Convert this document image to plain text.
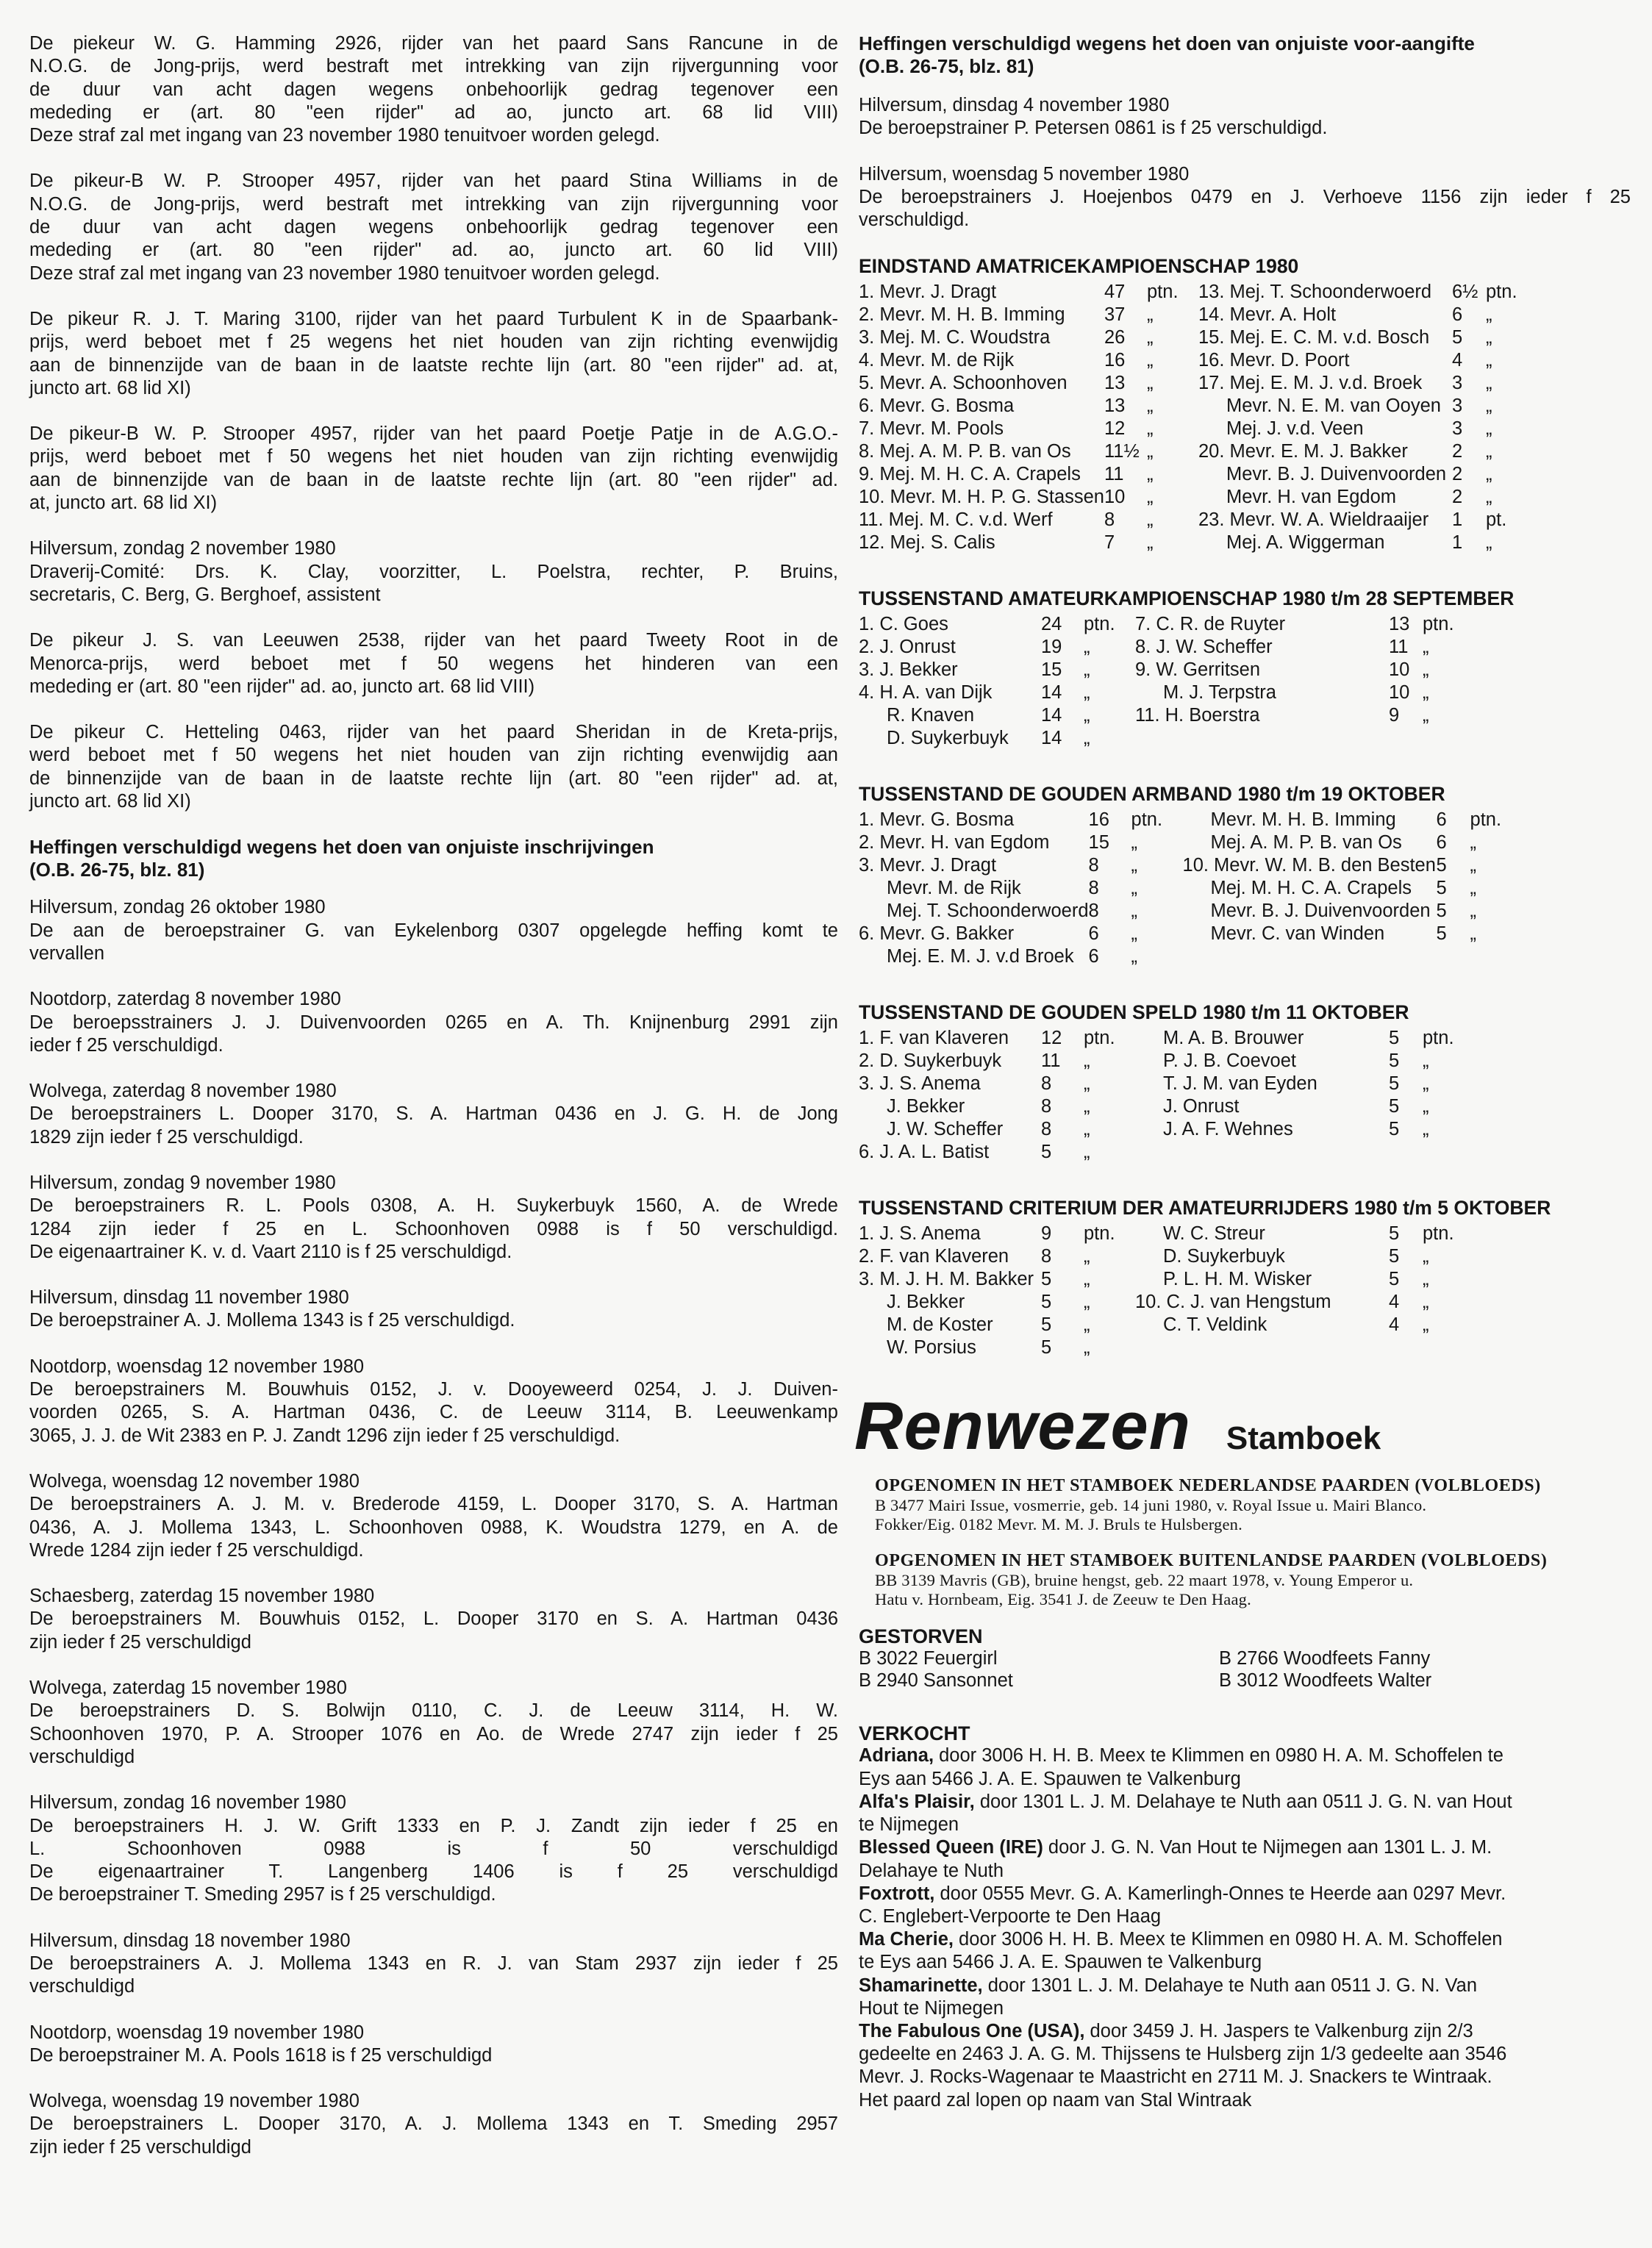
De piekeur W. G. Hamming 2926, rijder van het paard Sans Rancune in de
N.O.G. de Jong-prijs, werd bestraft met intrekking van zijn rijvergunning voor
de duur van acht dagen wegens onbehoorlijk gedrag tegenover een
mededing er (art. 80 "een rijder" ad ao, juncto art. 68 lid VIII)
Deze straf zal met ingang van 23 november 1980 tenuitvoer worden gelegd.
De pikeur-B W. P. Strooper 4957, rijder van het paard Stina Williams in de
N.O.G. de Jong-prijs, werd bestraft met intrekking van zijn rijvergunning voor
de duur van acht dagen wegens onbehoorlijk gedrag tegenover een
mededing er (art. 80 "een rijder" ad. ao, juncto art. 60 lid VIII)
Deze straf zal met ingang van 23 november 1980 tenuitvoer worden gelegd.
De pikeur R. J. T. Maring 3100, rijder van het paard Turbulent K in de Spaarbank-
prijs, werd beboet met f 25 wegens het niet houden van zijn richting evenwijdig
aan de binnenzijde van de baan in de laatste rechte lijn (art. 80 "een rijder" ad. at,
juncto art. 68 lid XI)
De pikeur-B W. P. Strooper 4957, rijder van het paard Poetje Patje in de A.G.O.-
prijs, werd beboet met f 50 wegens het niet houden van zijn richting evenwijdig
aan de binnenzijde van de baan in de laatste rechte lijn (art. 80 "een rijder" ad.
at, juncto art. 68 lid XI)
Hilversum, zondag 2 november 1980
Draverij-Comité: Drs. K. Clay, voorzitter, L. Poelstra, rechter, P. Bruins,
secretaris, C. Berg, G. Berghoef, assistent
De pikeur J. S. van Leeuwen 2538, rijder van het paard Tweety Root in de
Menorca-prijs, werd beboet met f 50 wegens het hinderen van een
mededing er (art. 80 "een rijder" ad. ao, juncto art. 68 lid VIII)
De pikeur C. Hetteling 0463, rijder van het paard Sheridan in de Kreta-prijs,
werd beboet met f 50 wegens het niet houden van zijn richting evenwijdig aan
de binnenzijde van de baan in de laatste rechte lijn (art. 80 "een rijder" ad. at,
juncto art. 68 lid XI)
Heffingen verschuldigd wegens het doen van onjuiste inschrijvingen
(O.B. 26-75, blz. 81)
Hilversum, zondag 26 oktober 1980
De aan de beroepstrainer G. van Eykelenborg 0307 opgelegde heffing komt te
vervallen
Nootdorp, zaterdag 8 november 1980
De beroepsstrainers J. J. Duivenvoorden 0265 en A. Th. Knijnenburg 2991 zijn
ieder f 25 verschuldigd.
Wolvega, zaterdag 8 november 1980
De beroepstrainers L. Dooper 3170, S. A. Hartman 0436 en J. G. H. de Jong
1829 zijn ieder f 25 verschuldigd.
Hilversum, zondag 9 november 1980
De beroepstrainers R. L. Pools 0308, A. H. Suykerbuyk 1560, A. de Wrede
1284 zijn ieder f 25 en L. Schoonhoven 0988 is f 50 verschuldigd.
De eigenaartrainer K. v. d. Vaart 2110 is f 25 verschuldigd.
Hilversum, dinsdag 11 november 1980
De beroepstrainer A. J. Mollema 1343 is f 25 verschuldigd.
Nootdorp, woensdag 12 november 1980
De beroepstrainers M. Bouwhuis 0152, J. v. Dooyeweerd 0254, J. J. Duiven-
voorden 0265, S. A. Hartman 0436, C. de Leeuw 3114, B. Leeuwenkamp
3065, J. J. de Wit 2383 en P. J. Zandt 1296 zijn ieder f 25 verschuldigd.
Wolvega, woensdag 12 november 1980
De beroepstrainers A. J. M. v. Brederode 4159, L. Dooper 3170, S. A. Hartman
0436, A. J. Mollema 1343, L. Schoonhoven 0988, K. Woudstra 1279, en A. de
Wrede 1284 zijn ieder f 25 verschuldigd.
Schaesberg, zaterdag 15 november 1980
De beroepstrainers M. Bouwhuis 0152, L. Dooper 3170 en S. A. Hartman 0436
zijn ieder f 25 verschuldigd
Wolvega, zaterdag 15 november 1980
De beroepstrainers D. S. Bolwijn 0110, C. J. de Leeuw 3114, H. W.
Schoonhoven 1970, P. A. Strooper 1076 en Ao. de Wrede 2747 zijn ieder f 25
verschuldigd
Hilversum, zondag 16 november 1980
De beroepstrainers H. J. W. Grift 1333 en P. J. Zandt zijn ieder f 25 en
L. Schoonhoven 0988 is f 50 verschuldigd
De eigenaartrainer T. Langenberg 1406 is f 25 verschuldigd
De beroepstrainer T. Smeding 2957 is f 25 verschuldigd.
Hilversum, dinsdag 18 november 1980
De beroepstrainers A. J. Mollema 1343 en R. J. van Stam 2937 zijn ieder f 25
verschuldigd
Nootdorp, woensdag 19 november 1980
De beroepstrainer M. A. Pools 1618 is f 25 verschuldigd
Wolvega, woensdag 19 november 1980
De beroepstrainers L. Dooper 3170, A. J. Mollema 1343 en T. Smeding 2957
zijn ieder f 25 verschuldigd
Heffingen verschuldigd wegens het doen van onjuiste voor-aangifte
(O.B. 26-75, blz. 81)
Hilversum, dinsdag 4 november 1980
De beroepstrainer P. Petersen 0861 is f 25 verschuldigd.
Hilversum, woensdag 5 november 1980
De beroepstrainers J. Hoejenbos 0479 en J. Verhoeve 1156 zijn ieder f 25
verschuldigd.
EINDSTAND AMATRICEKAMPIOENSCHAP 1980
1. Mevr. J. Dragt	47	ptn.	13. Mej. T. Schoonderwoerd	6½	ptn.
2. Mevr. M. H. B. Imming	37	„	14. Mevr. A. Holt	6	„
3. Mej. M. C. Woudstra	26	„	15. Mej. E. C. M. v.d. Bosch	5	„
4. Mevr. M. de Rijk	16	„	16. Mevr. D. Poort	4	„
5. Mevr. A. Schoonhoven	13	„	17. Mej. E. M. J. v.d. Broek	3	„
6. Mevr. G. Bosma	13	„	Mevr. N. E. M. van Ooyen	3	„
7. Mevr. M. Pools	12	„	Mej. J. v.d. Veen	3	„
8. Mej. A. M. P. B. van Os	11½	„	20. Mevr. E. M. J. Bakker	2	„
9. Mej. M. H. C. A. Crapels	11	„	Mevr. B. J. Duivenvoorden	2	„
10. Mevr. M. H. P. G. Stassen	10	„	Mevr. H. van Egdom	2	„
11. Mej. M. C. v.d. Werf	8	„	23. Mevr. W. A. Wieldraaijer	1	pt.
12. Mej. S. Calis	7	„	Mej. A. Wiggerman	1	„
TUSSENSTAND AMATEURKAMPIOENSCHAP 1980 t/m 28 SEPTEMBER
1. C. Goes	24	ptn.	7. C. R. de Ruyter	13	ptn.
2. J. Onrust	19	„	8. J. W. Scheffer	11	„
3. J. Bekker	15	„	9. W. Gerritsen	10	„
4. H. A. van Dijk	14	„	M. J. Terpstra	10	„
R. Knaven	14	„	11. H. Boerstra	9	„
D. Suykerbuyk	14	„			
TUSSENSTAND DE GOUDEN ARMBAND 1980 t/m 19 OKTOBER
1. Mevr. G. Bosma	16	ptn.	Mevr. M. H. B. Imming	6	ptn.
2. Mevr. H. van Egdom	15	„	Mej. A. M. P. B. van Os	6	„
3. Mevr. J. Dragt	8	„	10. Mevr. W. M. B. den Besten	5	„
Mevr. M. de Rijk	8	„	Mej. M. H. C. A. Crapels	5	„
Mej. T. Schoonderwoerd	8	„	Mevr. B. J. Duivenvoorden	5	„
6. Mevr. G. Bakker	6	„	Mevr. C. van Winden	5	„
Mej. E. M. J. v.d Broek	6	„			
TUSSENSTAND DE GOUDEN SPELD 1980 t/m 11 OKTOBER
1. F. van Klaveren	12	ptn.	M. A. B. Brouwer	5	ptn.
2. D. Suykerbuyk	11	„	P. J. B. Coevoet	5	„
3. J. S. Anema	8	„	T. J. M. van Eyden	5	„
J. Bekker	8	„	J. Onrust	5	„
J. W. Scheffer	8	„	J. A. F. Wehnes	5	„
6. J. A. L. Batist	5	„			
TUSSENSTAND CRITERIUM DER AMATEURRIJDERS 1980 t/m 5 OKTOBER
1. J. S. Anema	9	ptn.	W. C. Streur	5	ptn.
2. F. van Klaveren	8	„	D. Suykerbuyk	5	„
3. M. J. H. M. Bakker	5	„	P. L. H. M. Wisker	5	„
J. Bekker	5	„	10. C. J. van Hengstum	4	„
M. de Koster	5	„	C. T. Veldink	4	„
W. Porsius	5	„			
Renwezen Stamboek
OPGENOMEN IN HET STAMBOEK NEDERLANDSE PAARDEN (VOLBLOEDS)
B 3477 Mairi Issue, vosmerrie, geb. 14 juni 1980, v. Royal Issue u. Mairi Blanco.
Fokker/Eig. 0182 Mevr. M. M. J. Bruls te Hulsbergen.
OPGENOMEN IN HET STAMBOEK BUITENLANDSE PAARDEN (VOLBLOEDS)
BB 3139 Mavris (GB), bruine hengst, geb. 22 maart 1978, v. Young Emperor u.
Hatu v. Hornbeam, Eig. 3541 J. de Zeeuw te Den Haag.
GESTORVEN
B 3022 Feuergirl	B 2766 Woodfeets Fanny
B 2940 Sansonnet	B 3012 Woodfeets Walter
VERKOCHT
Adriana, door 3006 H. H. B. Meex te Klimmen en 0980 H. A. M. Schoffelen te
Eys aan 5466 J. A. E. Spauwen te Valkenburg
Alfa's Plaisir, door 1301 L. J. M. Delahaye te Nuth aan 0511 J. G. N. van Hout
te Nijmegen
Blessed Queen (IRE) door J. G. N. Van Hout te Nijmegen aan 1301 L. J. M.
Delahaye te Nuth
Foxtrott, door 0555 Mevr. G. A. Kamerlingh-Onnes te Heerde aan 0297 Mevr.
C. Englebert-Verpoorte te Den Haag
Ma Cherie, door 3006 H. H. B. Meex te Klimmen en 0980 H. A. M. Schoffelen
te Eys aan 5466 J. A. E. Spauwen te Valkenburg
Shamarinette, door 1301 L. J. M. Delahaye te Nuth aan 0511 J. G. N. Van
Hout te Nijmegen
The Fabulous One (USA), door 3459 J. H. Jaspers te Valkenburg zijn 2/3
gedeelte en 2463 J. A. G. M. Thijssens te Hulsberg zijn 1/3 gedeelte aan 3546
Mevr. J. Rocks-Wagenaar te Maastricht en 2711 M. J. Snackers te Wintraak.
Het paard zal lopen op naam van Stal Wintraak
